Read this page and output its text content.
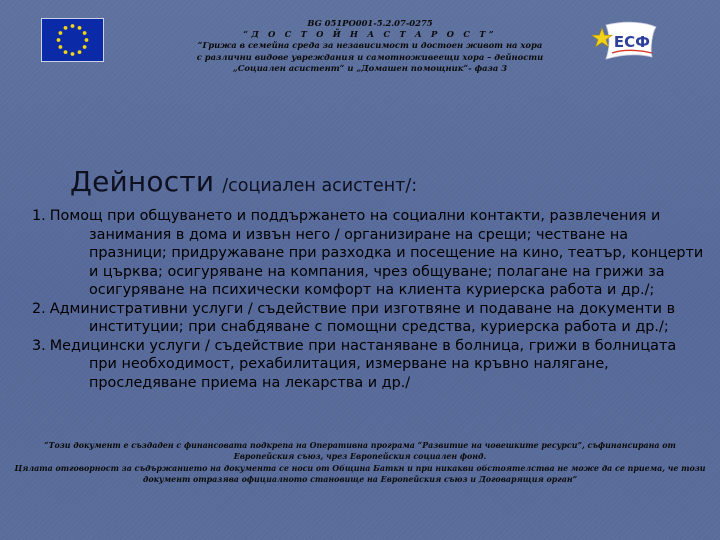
BG 051PO001-5.2.07-0275
“Д О С Т О Й Н А С Т А Р О С Т”
“Грижа в семейна среда за независимост и достоен живот на хора
с различни видове увреждания и самотноживеещи хора – дейности
„Социален асистент“ и „Домашен помощник“- фаза 3
ЕСФ
Дейности /социален асистент/:
1. Помощ при общуването и поддържането на социални контакти, развлечения и
занимания в дома и извън него / организиране на срещи; честване на
празници; придружаване при разходка и посещение на кино, театър, концерти
и църква; осигуряване на компания, чрез общуване; полагане на грижи за
осигуряване на психически комфорт на клиента куриерска работа и др./;
2. Административни услуги / съдействие при изготвяне и подаване на документи в
институции; при снабдяване с помощни средства, куриерска работа и др./;
3. Медицински услуги / съдействие при настаняване в болница, грижи в болницата
при необходимост, рехабилитация, измерване на кръвно налягане,
проследяване приема на лекарства и др./
“Този документ е създаден с финансовата подкрепа на Оперативна програма “Развитие на човешките ресурси”, съфинансирана от
Европейския съюз, чрез Европейския социален фонд.
Цялата отговорност за съдържанието на документа се носи от Община Баткн и при никакви обстоятелства не може да се приема, че този
документ отразява официалното становище на Европейския съюз и Договарящия орган”
